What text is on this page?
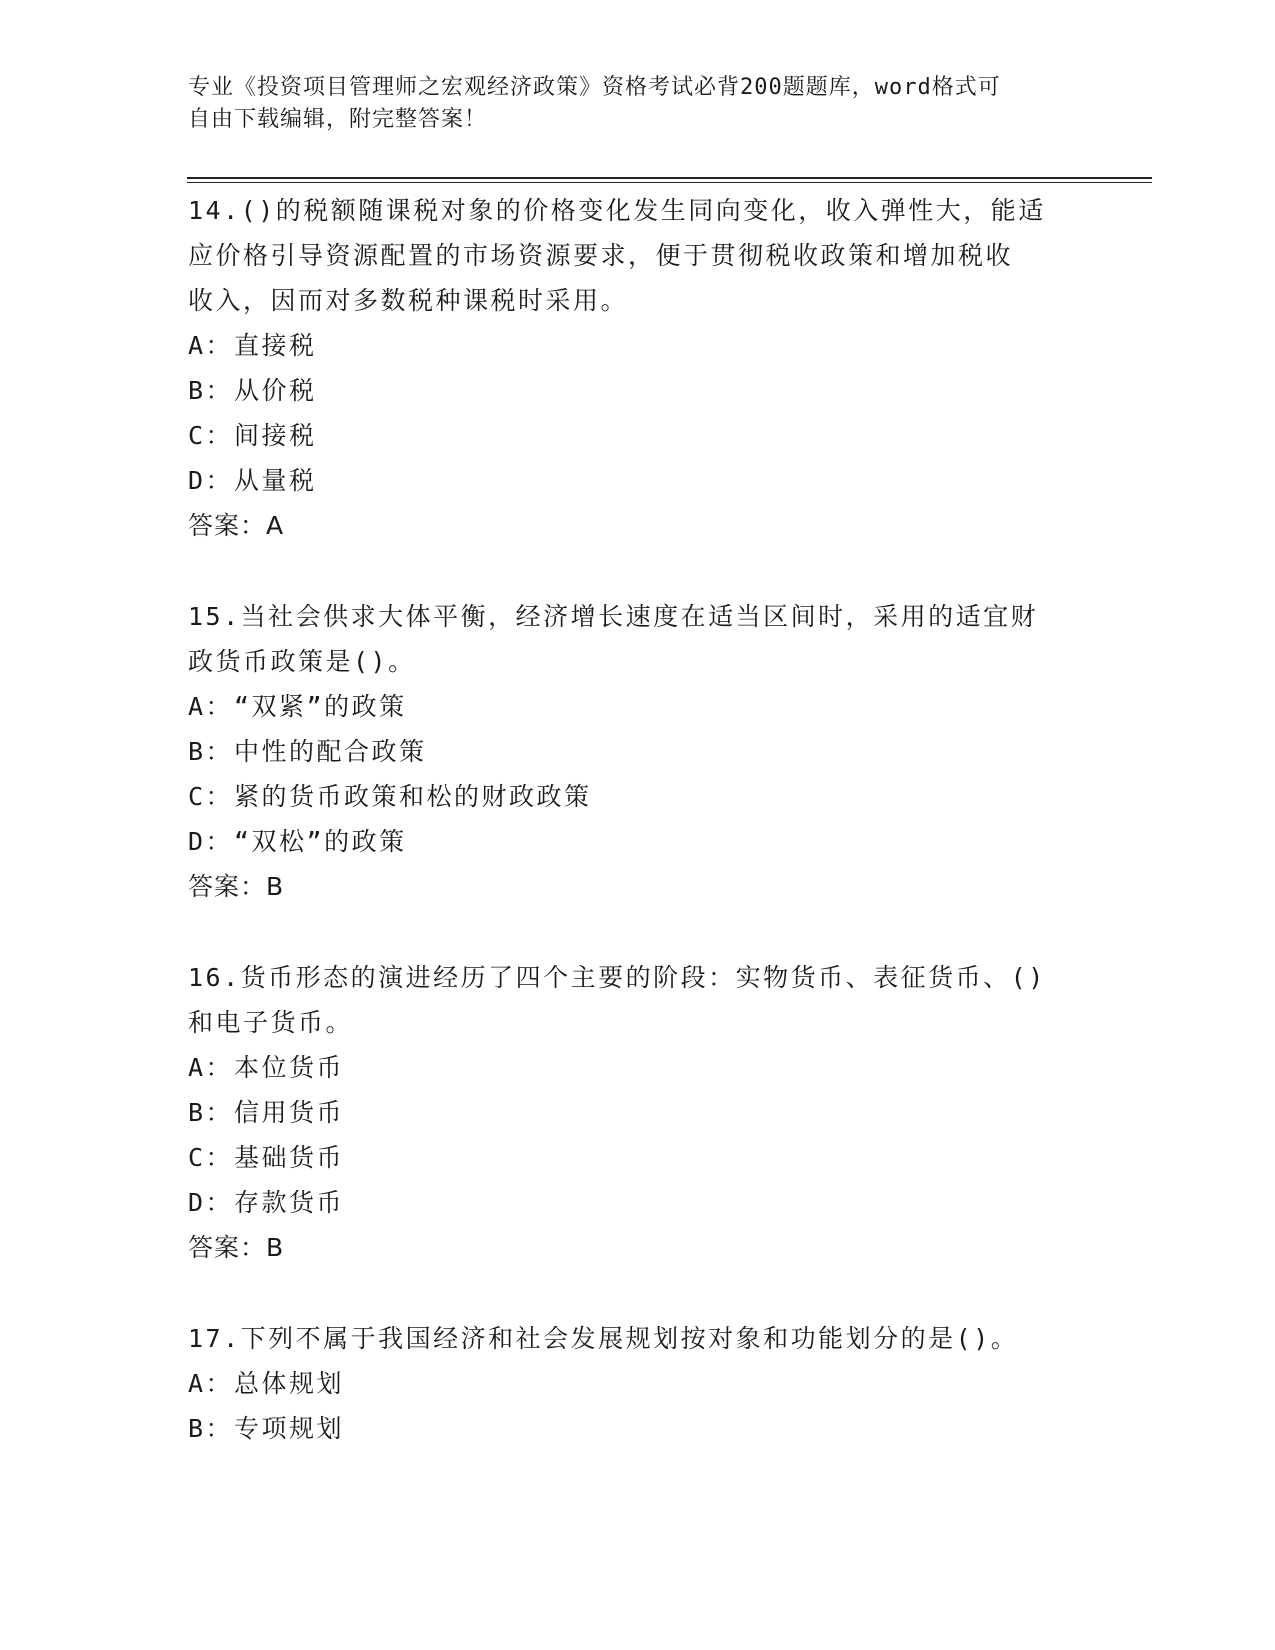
专业《投资项目管理师之宏观经济政策》资格考试必背200题题库，word格式可
自由下载编辑，附完整答案！
14.()的税额随课税对象的价格变化发生同向变化，收入弹性大，能适
应价格引导资源配置的市场资源要求，便于贯彻税收政策和增加税收
收入，因而对多数税种课税时采用。
A：直接税
B：从价税
C：间接税
D：从量税
答案：A
15.当社会供求大体平衡，经济增长速度在适当区间时，采用的适宜财
政货币政策是()。
A：“双紧”的政策
B：中性的配合政策
C：紧的货币政策和松的财政政策
D：“双松”的政策
答案：B
16.货币形态的演进经历了四个主要的阶段：实物货币、表征货币、()
和电子货币。
A：本位货币
B：信用货币
C：基础货币
D：存款货币
答案：B
17.下列不属于我国经济和社会发展规划按对象和功能划分的是()。
A：总体规划
B：专项规划
